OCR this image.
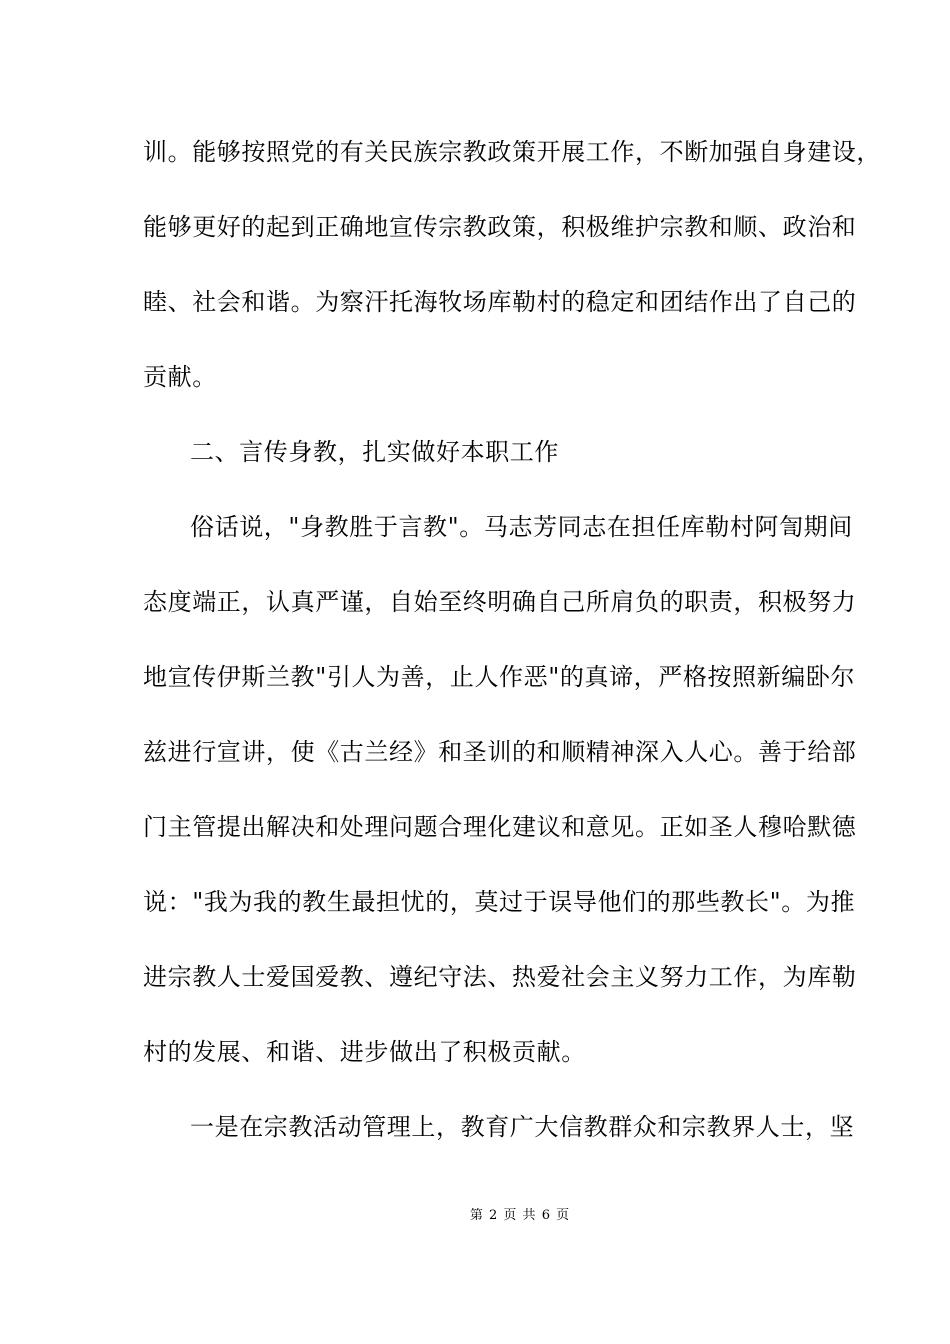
训。能够按照党的有关民族宗教政策开展工作，不断加强自身建设，
能够更好的起到正确地宣传宗教政策，积极维护宗教和顺、政治和
睦、社会和谐。为察汗托海牧场库勒村的稳定和团结作出了自己的
贡献。
二、言传身教，扎实做好本职工作
俗话说，"身教胜于言教"。马志芳同志在担任库勒村阿訇期间
态度端正，认真严谨，自始至终明确自己所肩负的职责，积极努力
地宣传伊斯兰教"引人为善，止人作恶"的真谛，严格按照新编卧尔
兹进行宣讲，使《古兰经》和圣训的和顺精神深入人心。善于给部
门主管提出解决和处理问题合理化建议和意见。正如圣人穆哈默德
说："我为我的教生最担忧的，莫过于误导他们的那些教长"。为推
进宗教人士爱国爱教、遵纪守法、热爱社会主义努力工作，为库勒
村的发展、和谐、进步做出了积极贡献。
一是在宗教活动管理上，教育广大信教群众和宗教界人士，坚
第 2 页 共 6 页
